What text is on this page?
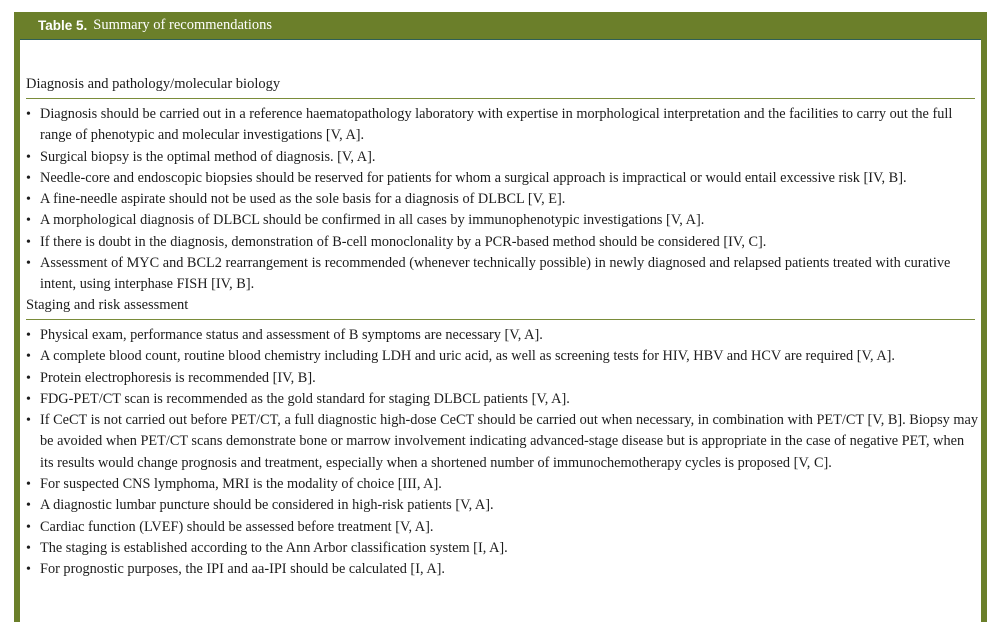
Table 5. Summary of recommendations
Diagnosis and pathology/molecular biology
• Diagnosis should be carried out in a reference haematopathology laboratory with expertise in morphological interpretation and the facilities to carry out the full range of phenotypic and molecular investigations [V, A].
• Surgical biopsy is the optimal method of diagnosis. [V, A].
• Needle-core and endoscopic biopsies should be reserved for patients for whom a surgical approach is impractical or would entail excessive risk [IV, B].
• A fine-needle aspirate should not be used as the sole basis for a diagnosis of DLBCL [V, E].
• A morphological diagnosis of DLBCL should be confirmed in all cases by immunophenotypic investigations [V, A].
• If there is doubt in the diagnosis, demonstration of B-cell monoclonality by a PCR-based method should be considered [IV, C].
• Assessment of MYC and BCL2 rearrangement is recommended (whenever technically possible) in newly diagnosed and relapsed patients treated with curative intent, using interphase FISH [IV, B].
Staging and risk assessment
• Physical exam, performance status and assessment of B symptoms are necessary [V, A].
• A complete blood count, routine blood chemistry including LDH and uric acid, as well as screening tests for HIV, HBV and HCV are required [V, A].
• Protein electrophoresis is recommended [IV, B].
• FDG-PET/CT scan is recommended as the gold standard for staging DLBCL patients [V, A].
• If CeCT is not carried out before PET/CT, a full diagnostic high-dose CeCT should be carried out when necessary, in combination with PET/CT [V, B]. Biopsy may be avoided when PET/CT scans demonstrate bone or marrow involvement indicating advanced-stage disease but is appropriate in the case of negative PET, when its results would change prognosis and treatment, especially when a shortened number of immunochemotherapy cycles is proposed [V, C].
• For suspected CNS lymphoma, MRI is the modality of choice [III, A].
• A diagnostic lumbar puncture should be considered in high-risk patients [V, A].
• Cardiac function (LVEF) should be assessed before treatment [V, A].
• The staging is established according to the Ann Arbor classification system [I, A].
• For prognostic purposes, the IPI and aa-IPI should be calculated [I, A].
